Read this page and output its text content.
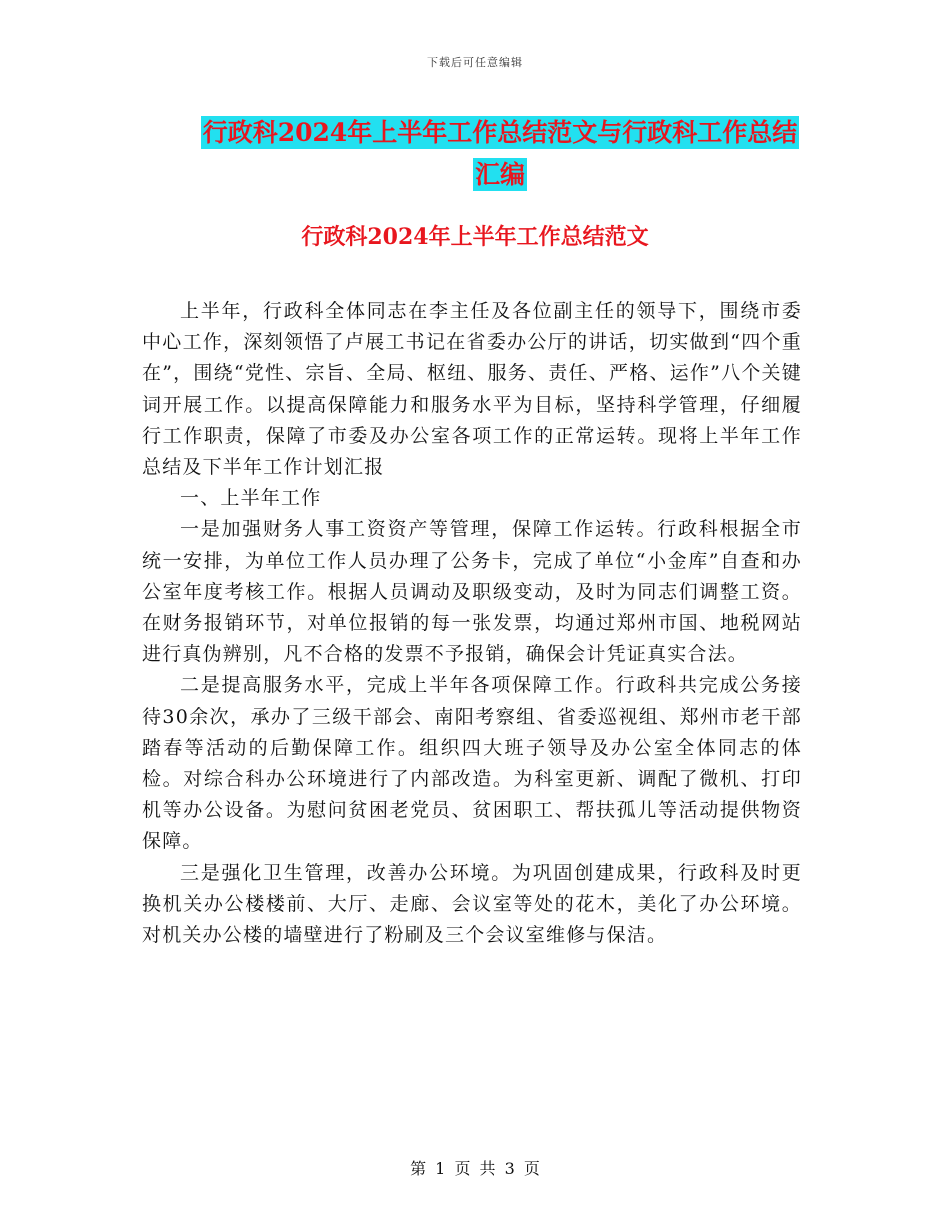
下载后可任意编辑
行政科2024年上半年工作总结范文与行政科工作总结
汇编
行政科2024年上半年工作总结范文

上半年，行政科全体同志在李主任及各位副主任的领导下，围绕市委中心工作，深刻领悟了卢展工书记在省委办公厅的讲话，切实做到“四个重在”，围绕“党性、宗旨、全局、枢纽、服务、责任、严格、运作”八个关键词开展工作。以提高保障能力和服务水平为目标，坚持科学管理，仔细履行工作职责，保障了市委及办公室各项工作的正常运转。现将上半年工作总结及下半年工作计划汇报

一、上半年工作

一是加强财务人事工资资产等管理，保障工作运转。行政科根据全市统一安排，为单位工作人员办理了公务卡，完成了单位“小金库”自查和办公室年度考核工作。根据人员调动及职级变动，及时为同志们调整工资。在财务报销环节，对单位报销的每一张发票，均通过郑州市国、地税网站进行真伪辨别，凡不合格的发票不予报销，确保会计凭证真实合法。

二是提高服务水平，完成上半年各项保障工作。行政科共完成公务接待30余次，承办了三级干部会、南阳考察组、省委巡视组、郑州市老干部踏春等活动的后勤保障工作。组织四大班子领导及办公室全体同志的体检。对综合科办公环境进行了内部改造。为科室更新、调配了微机、打印机等办公设备。为慰问贫困老党员、贫困职工、帮扶孤儿等活动提供物资保障。

三是强化卫生管理，改善办公环境。为巩固创建成果，行政科及时更换机关办公楼楼前、大厅、走廊、会议室等处的花木，美化了办公环境。对机关办公楼的墙壁进行了粉刷及三个会议室维修与保洁。

第 1 页 共 3 页
